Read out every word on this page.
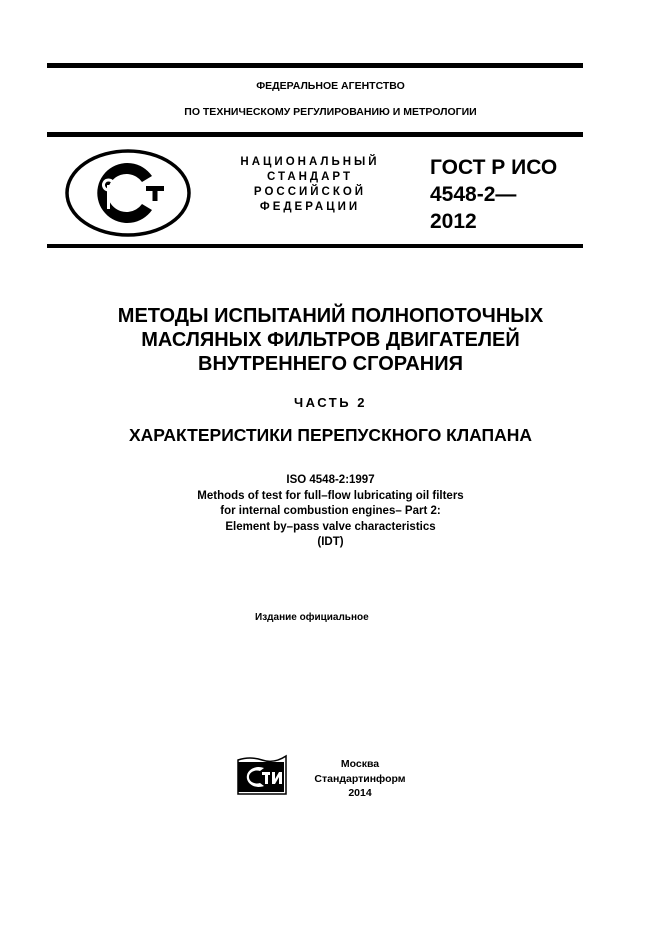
ФЕДЕРАЛЬНОЕ АГЕНТСТВО
ПО ТЕХНИЧЕСКОМУ РЕГУЛИРОВАНИЮ И МЕТРОЛОГИИ
НАЦИОНАЛЬНЫЙ
СТАНДАРТ
РОССИЙСКОЙ
ФЕДЕРАЦИИ
ГОСТ Р ИСО
4548-2—
2012
МЕТОДЫ ИСПЫТАНИЙ ПОЛНОПОТОЧНЫХ
МАСЛЯНЫХ ФИЛЬТРОВ ДВИГАТЕЛЕЙ
ВНУТРЕННЕГО СГОРАНИЯ
ЧАСТЬ 2
ХАРАКТЕРИСТИКИ ПЕРЕПУСКНОГО КЛАПАНА
ISO 4548-2:1997
Methods of test for full–flow lubricating oil filters
for internal combustion engines– Part 2:
Element by–pass valve characteristics
(IDT)
Издание официальное
Москва
Стандартинформ
2014
